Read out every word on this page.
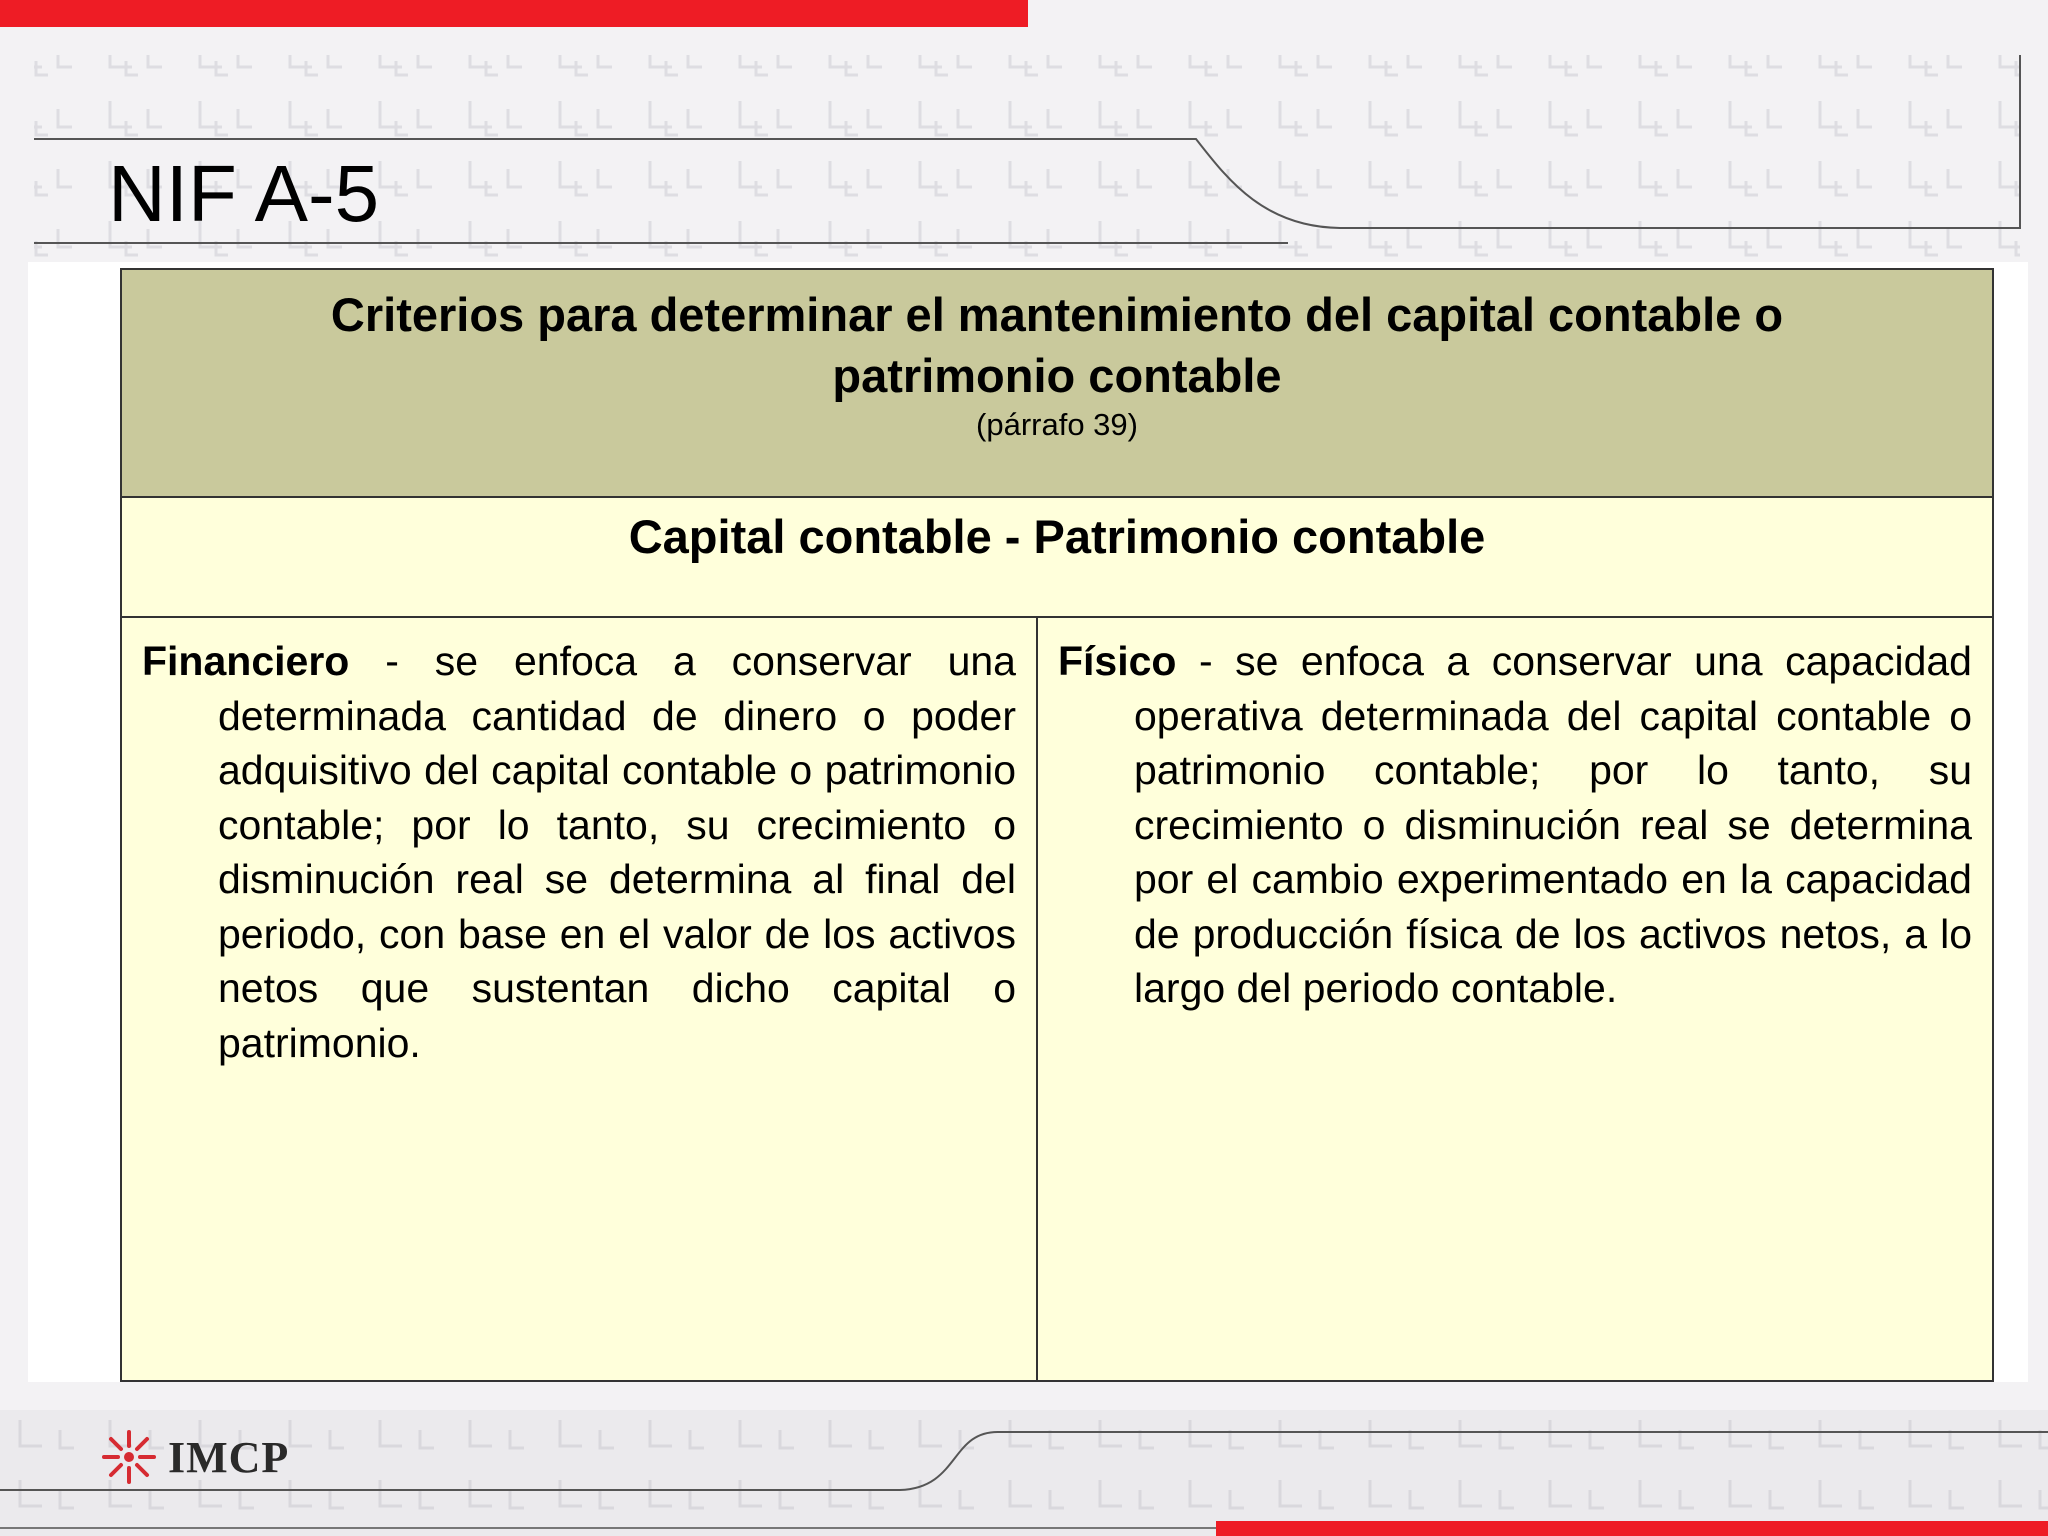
NIF A-5
Criterios para determinar el mantenimiento del capital contable o patrimonio contable
(párrafo 39)
Capital contable - Patrimonio contable

Financiero - se enfoca a conservar una determinada cantidad de dinero o poder adquisitivo del capital contable o patrimonio contable; por lo tanto, su crecimiento o disminución real se determina al final del periodo, con base en el valor de los activos netos que sustentan dicho capital o patrimonio.

Físico - se enfoca a conservar una capacidad operativa determinada del capital contable o patrimonio contable; por lo tanto, su crecimiento o disminución real se determina por el cambio experimentado en la capacidad de producción física de los activos netos, a lo largo del periodo contable.

IMCP
